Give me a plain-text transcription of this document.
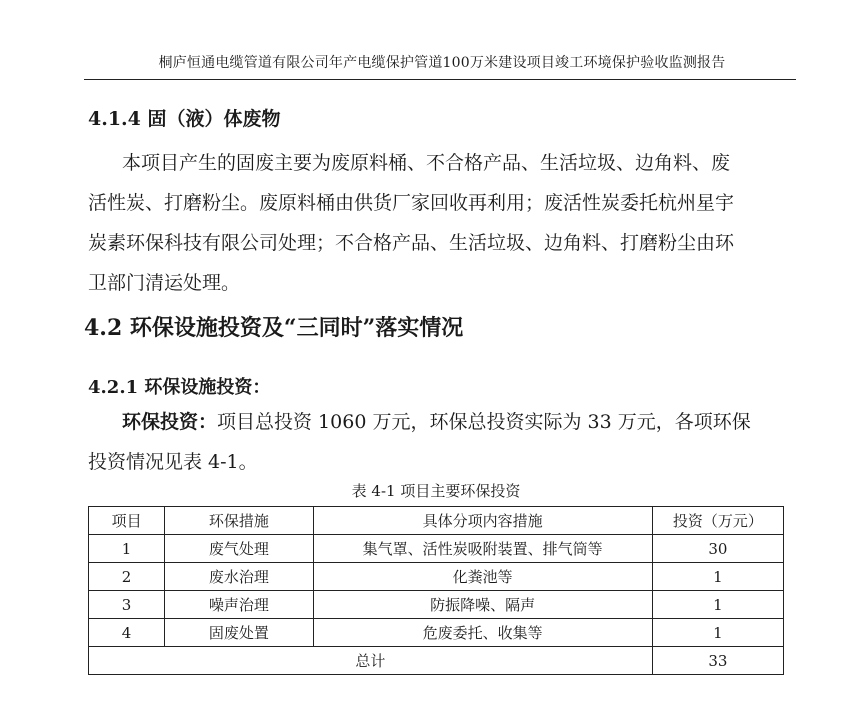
桐庐恒通电缆管道有限公司年产电缆保护管道100万米建设项目竣工环境保护验收监测报告
4.1.4 固（液）体废物

本项目产生的固废主要为废原料桶、不合格产品、生活垃圾、边角料、废

活性炭、打磨粉尘。废原料桶由供货厂家回收再利用；废活性炭委托杭州星宇

炭素环保科技有限公司处理；不合格产品、生活垃圾、边角料、打磨粉尘由环

卫部门清运处理。

4.2 环保设施投资及“三同时”落实情况
4.2.1 环保设施投资：

环保投资：项目总投资 1060 万元，环保总投资实际为 33 万元，各项环保

投资情况见表 4-1。

表 4-1 项目主要环保投资
项目	环保措施	具体分项内容措施	投资（万元）
1	废气处理	集气罩、活性炭吸附装置、排气筒等	30
2	废水治理	化粪池等	1
3	噪声治理	防振降噪、隔声	1
4	固废处置	危废委托、收集等	1
总计			33
